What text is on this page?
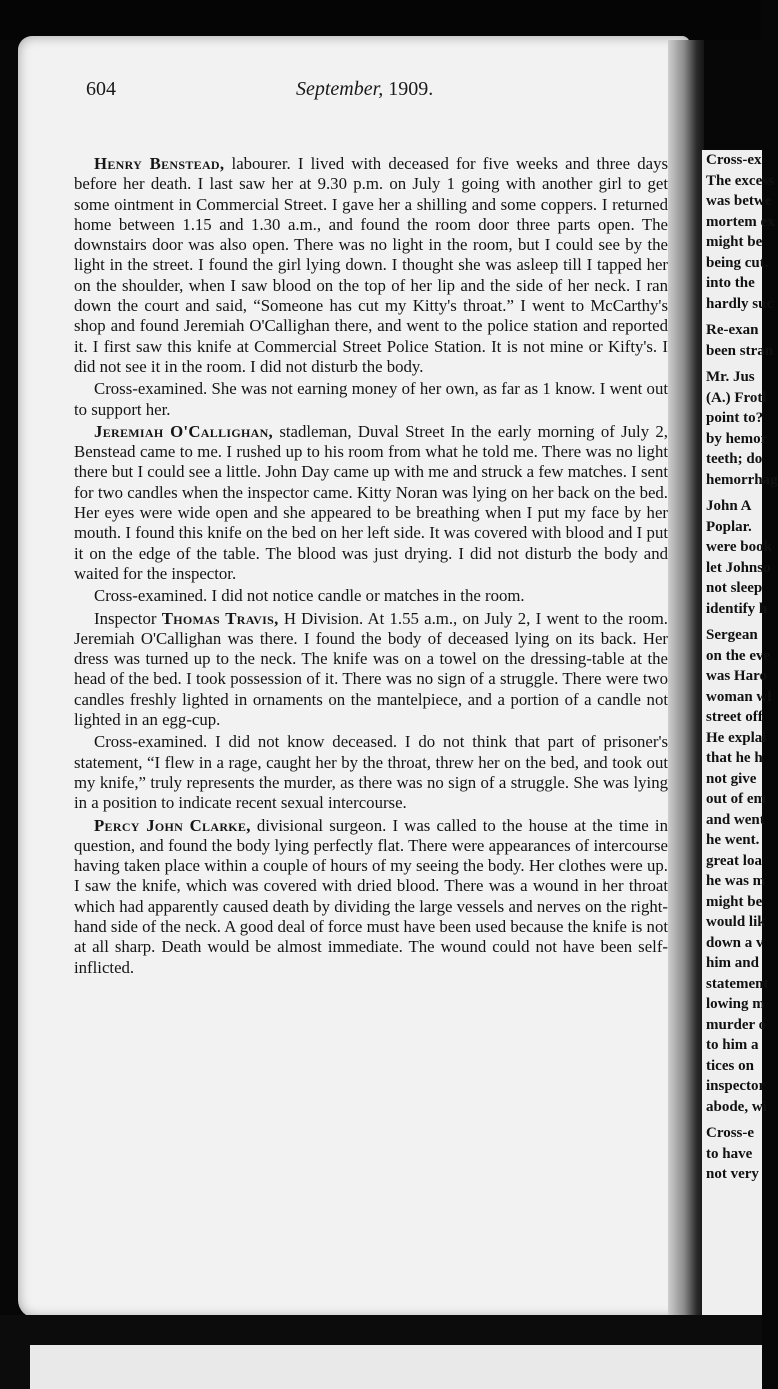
604	September, 1909.

Henry Benstead, labourer. I lived with deceased for five weeks and three days before her death. I last saw her at 9.30 p.m. on July 1 going with another girl to get some ointment in Commercial Street. I gave her a shilling and some coppers. I returned home between 1.15 and 1.30 a.m., and found the room door three parts open. The downstairs door was also open. There was no light in the room, but I could see by the light in the street. I found the girl lying down. I thought she was asleep till I tapped her on the shoulder, when I saw blood on the top of her lip and the side of her neck. I ran down the court and said, “Someone has cut my Kitty's throat.” I went to McCarthy's shop and found Jeremiah O'Callighan there, and went to the police station and reported it. I first saw this knife at Commercial Street Police Station. It is not mine or Kifty's. I did not see it in the room. I did not disturb the body.

Cross-examined. She was not earning money of her own, as far as 1 know. I went out to support her.

Jeremiah O'Callighan, stadleman, Duval Street In the early morning of July 2, Benstead came to me. I rushed up to his room from what he told me. There was no light there but I could see a little. John Day came up with me and struck a few matches. I sent for two candles when the inspector came. Kitty Noran was lying on her back on the bed. Her eyes were wide open and she appeared to be breathing when I put my face by her mouth. I found this knife on the bed on her left side. It was covered with blood and I put it on the edge of the table. The blood was just drying. I did not disturb the body and waited for the inspector.

Cross-examined. I did not notice candle or matches in the room.

Inspector Thomas Travis, H Division. At 1.55 a.m., on July 2, I went to the room. Jeremiah O'Callighan was there. I found the body of deceased lying on its back. Her dress was turned up to the neck. The knife was on a towel on the dressing-table at the head of the bed. I took possession of it. There was no sign of a struggle. There were two candles freshly lighted in ornaments on the mantelpiece, and a portion of a candle not lighted in an egg-cup.

Cross-examined. I did not know deceased. I do not think that part of prisoner's statement, “I flew in a rage, caught her by the throat, threw her on the bed, and took out my knife,” truly represents the murder, as there was no sign of a struggle. She was lying in a position to indicate recent sexual intercourse.

Percy John Clarke, divisional surgeon. I was called to the house at the time in question, and found the body lying perfectly flat. There were appearances of intercourse having taken place within a couple of hours of my seeing the body. Her clothes were up. I saw the knife, which was covered with dried blood. There was a wound in her throat which had apparently caused death by dividing the large vessels and nerves on the right-hand side of the neck. A good deal of force must have been used because the knife is not at all sharp. Death would be almost immediate. The wound could not have been self-inflicted.

Cross-ex
The excess
was betwe
mortem ex
might be
being cut.
into the
hardly suc
Re-exan
been stran
Mr. Jus
(A.) Frotl
point to?
by hemor
teeth; do
hemorrhag
John A
Poplar.
were book
let Johnso
not sleep
identify h
Sergean
on the eve
was Haro
woman wl
street off
He explai
that he h
not give
out of em
and went
he went.
great loa
he was m
might be
would lik
down a v
him and
statement
lowing m
murder o
to him a
tices on
inspector
abode, wi
Cross-e
to have
not very
